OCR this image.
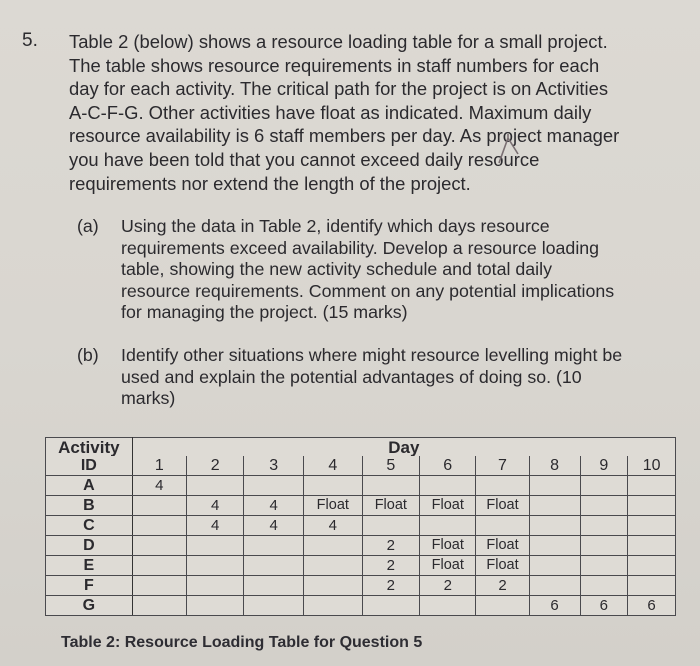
5. Table 2 (below) shows a resource loading table for a small project.
The table shows resource requirements in staff numbers for each
day for each activity. The critical path for the project is on Activities
A-C-F-G. Other activities have float as indicated. Maximum daily
resource availability is 6 staff members per day. As project manager
you have been told that you cannot exceed daily resource
requirements nor extend the length of the project.
(a) Using the data in Table 2, identify which days resource
requirements exceed availability. Develop a resource loading
table, showing the new activity schedule and total daily
resource requirements. Comment on any potential implications
for managing the project. (15 marks)
(b) Identify other situations where might resource levelling might be
used and explain the potential advantages of doing so. (10
marks)
Activity	Day									
ID	1	2	3	4	5	6	7	8	9	10
A	4									
B		4	4	Float	Float	Float	Float			
C		4	4	4						
D					2	Float	Float			
E					2	Float	Float			
F					2	2	2			
G								6	6	6
Table 2: Resource Loading Table for Question 5
